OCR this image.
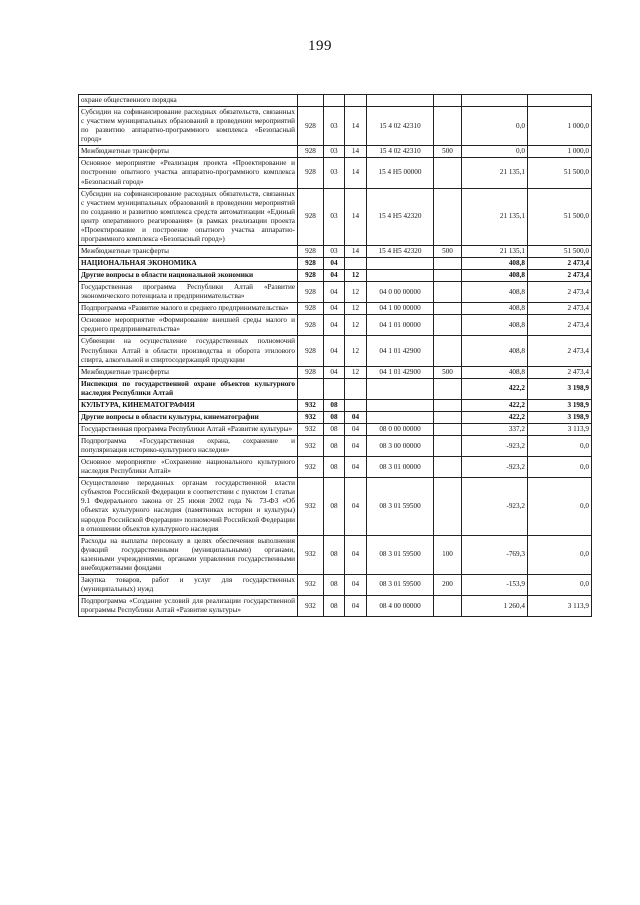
199
охране общественного порядка							
Субсидии на софинансирование расходных обязательств, связанных с участием муниципальных образований в проведении мероприятий по развитию аппаратно-программного комплекса «Безопасный город»	928	03	14	15 4 02 42310		0,0	1 000,0
Межбюджетные трансферты	928	03	14	15 4 02 42310	500	0,0	1 000,0
Основное мероприятие «Реализация проекта «Проектирование и построение опытного участка аппаратно-программного комплекса «Безопасный город»	928	03	14	15 4 H5 00000		21 135,1	51 500,0
Субсидии на софинансирование расходных обязательств, связанных с участием муниципальных образований в проведении мероприятий по созданию и развитию комплекса средств автоматизации «Единый центр оперативного реагирования» (в рамках реализации проекта «Проектирование и построение опытного участка аппаратно-программного комплекса «Безопасный город»)	928	03	14	15 4 H5 42320		21 135,1	51 500,0
Межбюджетные трансферты	928	03	14	15 4 H5 42320	500	21 135,1	51 500,0
НАЦИОНАЛЬНАЯ ЭКОНОМИКА	928	04				408,8	2 473,4
Другие вопросы в области национальной экономики	928	04	12			408,8	2 473,4
Государственная программа Республики Алтай «Развитие экономического потенциала и предпринимательства»	928	04	12	04 0 00 00000		408,8	2 473,4
Подпрограмма «Развитие малого и среднего предпринимательства»	928	04	12	04 1 00 00000		408,8	2 473,4
Основное мероприятие «Формирование внешней среды малого и среднего предпринимательства»	928	04	12	04 1 01 00000		408,8	2 473,4
Субвенции на осуществление государственных полномочий Республики Алтай в области производства и оборота этилового спирта, алкогольной и спиртосодержащей продукции	928	04	12	04 1 01 42900		408,8	2 473,4
Межбюджетные трансферты	928	04	12	04 1 01 42900	500	408,8	2 473,4
Инспекция по государственной охране объектов культурного наследия Республики Алтай						422,2	3 198,9
КУЛЬТУРА, КИНЕМАТОГРАФИЯ	932	08				422,2	3 198,9
Другие вопросы в области культуры, кинематографии	932	08	04			422,2	3 198,9
Государственная программа Республики Алтай «Развитие культуры»	932	08	04	08 0 00 00000		337,2	3 113,9
Подпрограмма «Государственная охрана, сохранение и популяризация историко-культурного наследия»	932	08	04	08 3 00 00000		-923,2	0,0
Основное мероприятие «Сохранение национального культурного наследия Республики Алтай»	932	08	04	08 3 01 00000		-923,2	0,0
Осуществление переданных органам государственной власти субъектов Российской Федерации в соответствии с пунктом 1 статьи 9.1 Федерального закона от 25 июня 2002 года № 73-ФЗ «Об объектах культурного наследия (памятниках истории и культуры) народов Российской Федерации» полномочий Российской Федерации в отношении объектов культурного наследия	932	08	04	08 3 01 59500		-923,2	0,0
Расходы на выплаты персоналу в целях обеспечения выполнения функций государственными (муниципальными) органами, казенными учреждениями, органами управления государственными внебюджетными фондами	932	08	04	08 3 01 59500	100	-769,3	0,0
Закупка товаров, работ и услуг для государственных (муниципальных) нужд	932	08	04	08 3 01 59500	200	-153,9	0,0
Подпрограмма «Создание условий для реализации государственной программы Республики Алтай «Развитие культуры»	932	08	04	08 4 00 00000		1 260,4	3 113,9
